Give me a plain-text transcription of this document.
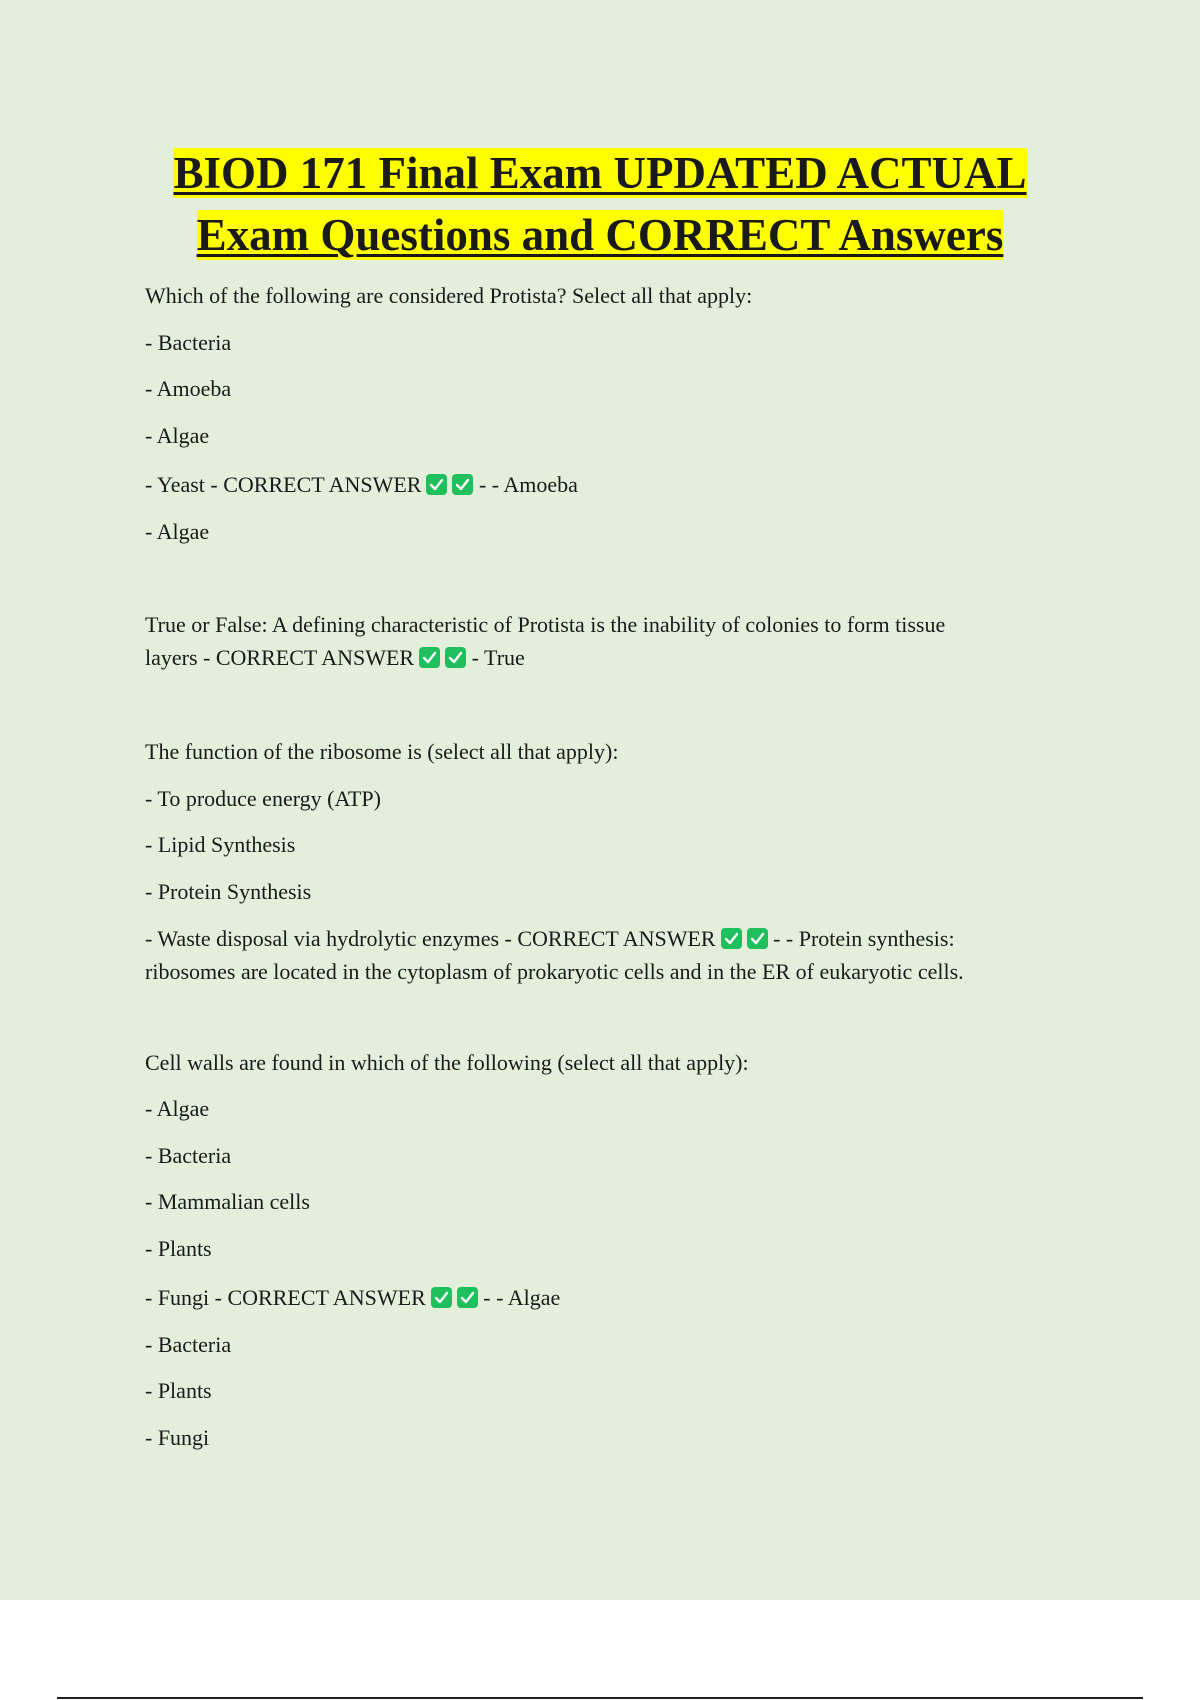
BIOD 171 Final Exam UPDATED ACTUAL
Exam Questions and CORRECT Answers
Which of the following are considered Protista? Select all that apply:
- Bacteria
- Amoeba
- Algae
- Yeast - CORRECT ANSWER	- - Amoeba
- Algae
True or False: A defining characteristic of Protista is the inability of colonies to form tissue
layers - CORRECT ANSWER	- True
The function of the ribosome is (select all that apply):
- To produce energy (ATP)
- Lipid Synthesis
- Protein Synthesis
- Waste disposal via hydrolytic enzymes - CORRECT ANSWER	- - Protein synthesis:
ribosomes are located in the cytoplasm of prokaryotic cells and in the ER of eukaryotic cells.
Cell walls are found in which of the following (select all that apply):
- Algae
- Bacteria
- Mammalian cells
- Plants
- Fungi - CORRECT ANSWER	- - Algae
- Bacteria
- Plants
- Fungi
